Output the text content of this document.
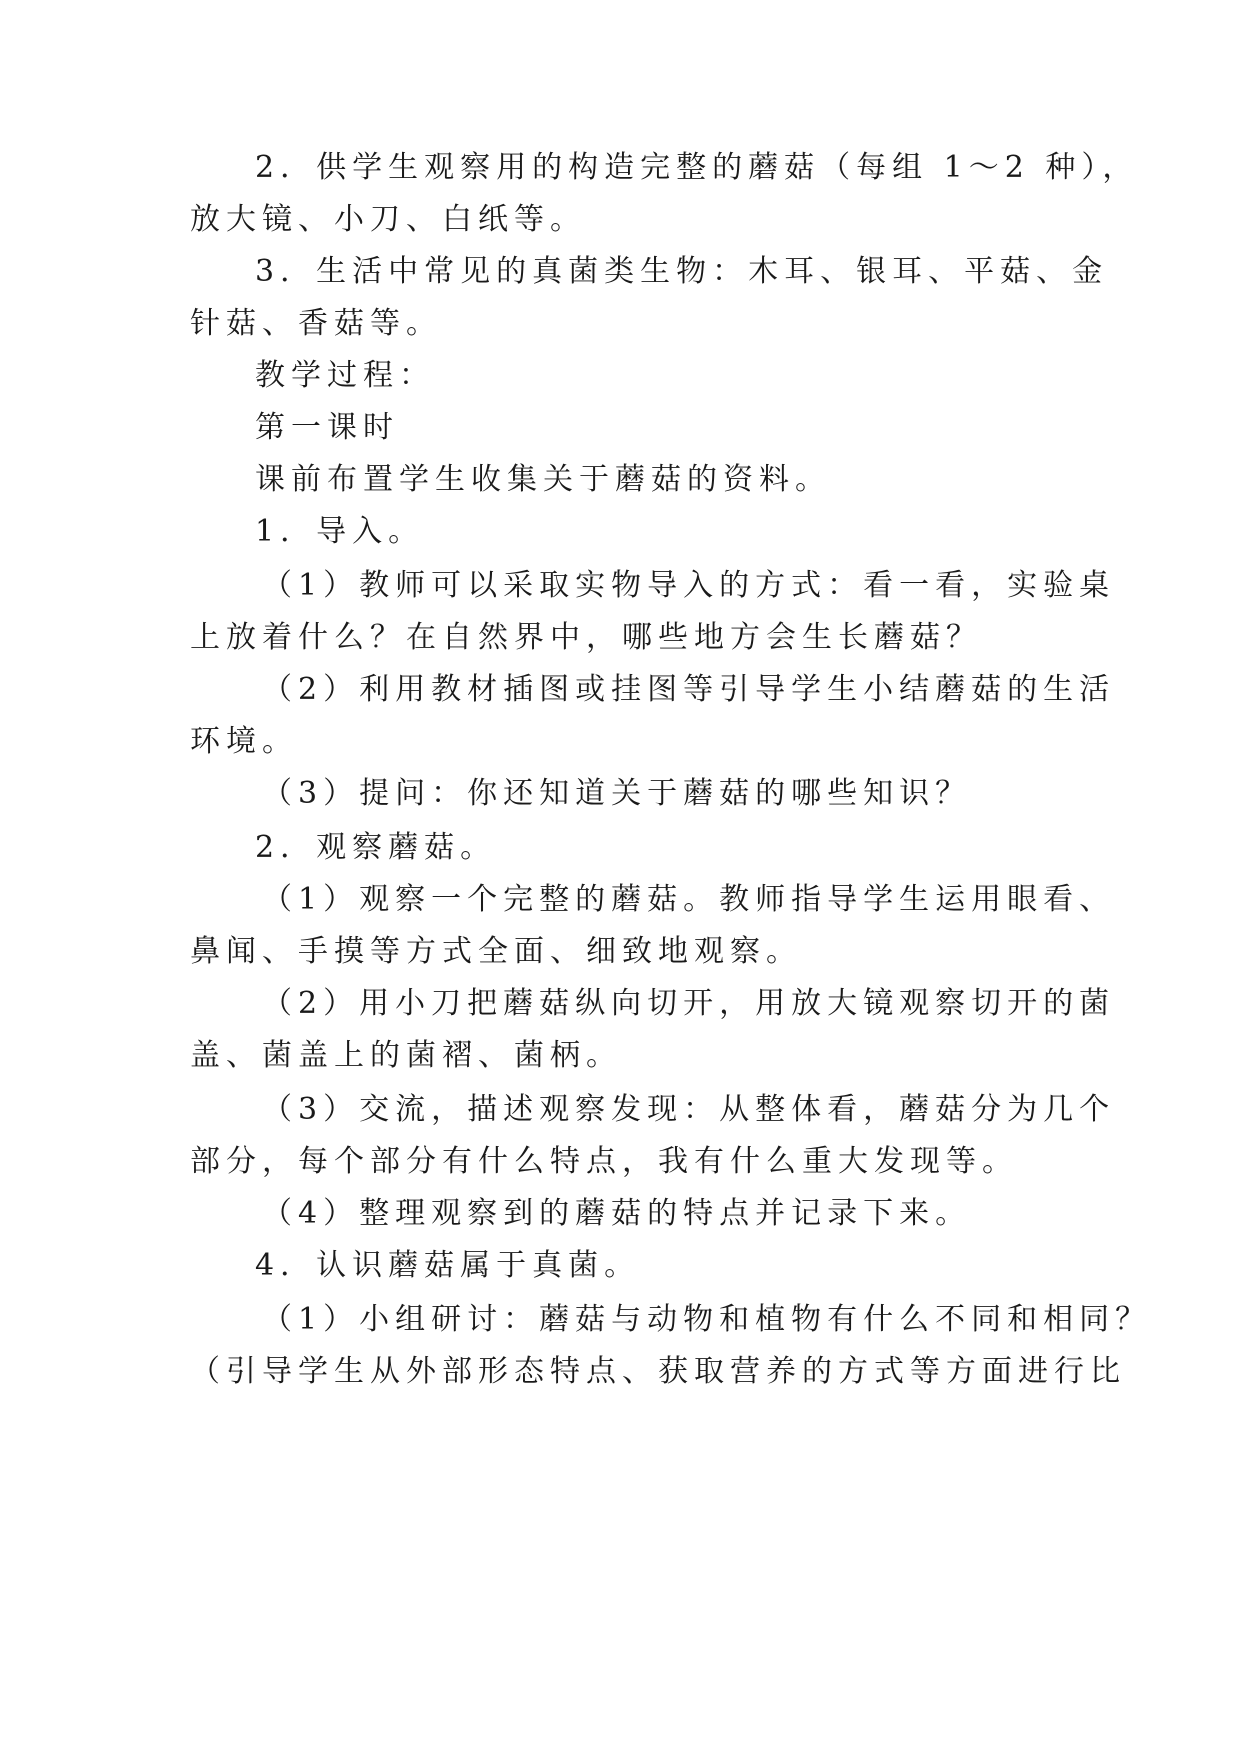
2．供学生观察用的构造完整的蘑菇（每组 1～2 种），
放大镜、小刀、白纸等。
3．生活中常见的真菌类生物：木耳、银耳、平菇、金
针菇、香菇等。
教学过程：
第一课时
课前布置学生收集关于蘑菇的资料。
1．导入。
（1）教师可以采取实物导入的方式：看一看，实验桌
上放着什么？在自然界中，哪些地方会生长蘑菇？
（2）利用教材插图或挂图等引导学生小结蘑菇的生活
环境。
（3）提问：你还知道关于蘑菇的哪些知识？
2．观察蘑菇。
（1）观察一个完整的蘑菇。教师指导学生运用眼看、
鼻闻、手摸等方式全面、细致地观察。
（2）用小刀把蘑菇纵向切开，用放大镜观察切开的菌
盖、菌盖上的菌褶、菌柄。
（3）交流，描述观察发现：从整体看，蘑菇分为几个
部分，每个部分有什么特点，我有什么重大发现等。
（4）整理观察到的蘑菇的特点并记录下来。
4．认识蘑菇属于真菌。
（1）小组研讨：蘑菇与动物和植物有什么不同和相同？
（引导学生从外部形态特点、获取营养的方式等方面进行比
